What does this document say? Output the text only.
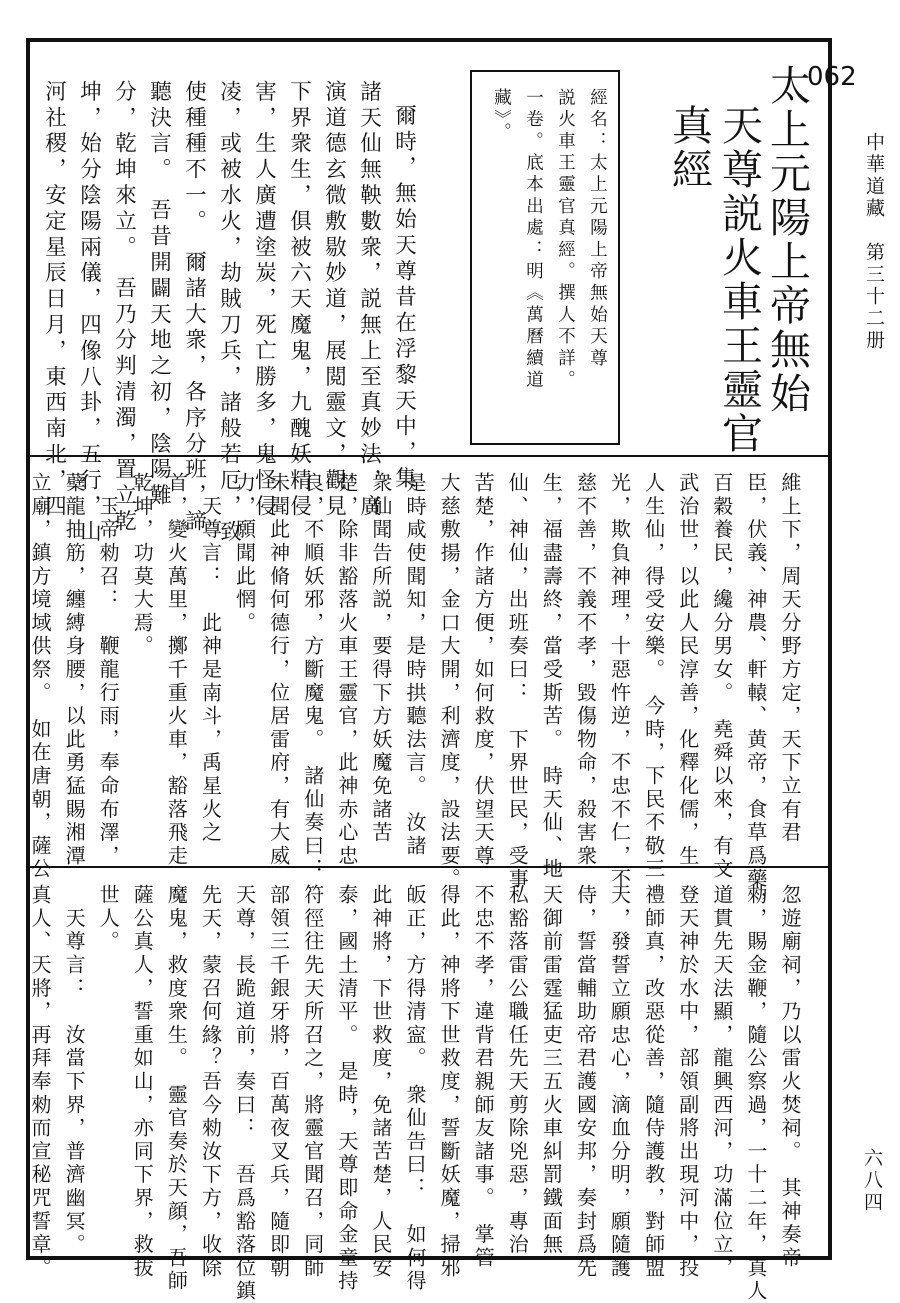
中華道藏　第三十二册
六八四
062
太上元陽上帝無始
天尊説火車王靈官
真經
經名：太上元陽上帝無始天尊
説火車王靈官真經。撰人不詳。
一卷。底本出處：明《萬曆續道
藏》。
爾時，無始天尊昔在浮黎天中，集
諸天仙無鞅數衆，説無上至真妙法，廣
演道德玄微敷敭妙道，展閲靈文，觀見
下界衆生，俱被六天魔鬼，九醜妖精侵
害，生人廣遭塗炭，死亡勝多，鬼怪侵
凌，或被水火，劫賊刀兵，諸般若厄，致
使種種不一。　爾諸大衆，各序分班，諦
聽決言。　吾昔開闢天地之初，陰陽難
分，乾坤來立。　吾乃分判清濁，置立乾
坤，始分陰陽兩儀，四像八卦，五行，山
河社稷，安定星辰日月，東西南北，四
維上下，周天分野方定，天下立有君
臣，伏義、神農、軒轅、黄帝，食草爲藥，
百穀養民，纔分男女。　堯舜以來，有文
武治世，以此人民淳善，化釋化儒，生
人生仙，得受安樂。　今時，下民不敬三
光，欺負神理，十惡忤逆，不忠不仁，不
慈不善，不義不孝，毀傷物命，殺害衆
生，福盡壽終，當受斯苦。　時天仙、地
仙、神仙，出班奏曰：　下界世民，受事
苦楚，作諸方便，如何救度，伏望天尊
大慈敷揚，金口大開，利濟度，設法要。
是時咸使聞知，是時拱聽法言。　汝諸
衆仙聞告所説，要得下方妖魔免諸苦
楚，除非豁落火車王靈官，此神赤心忠
良，不順妖邪，方斷魔鬼。　諸仙奏曰：
未聞此神脩何德行，位居雷府，有大威
力，願聞此惘。
　天尊言：　此神是南斗，禹星火之
首，變火萬里，擲千重火車，豁落飛走
乾坤，功莫大焉。
　玉帝勑召：　鞭龍行雨，奉命布澤，
蘗龍抽筋，纏縛身腰，以此勇猛賜湘潭
立廟，鎮方境域供祭。　如在唐朝，薩公
忽遊廟祠，乃以雷火焚祠。　其神奏帝
勑，賜金鞭，隨公察過，一十二年，真人
道貫先天法顯，龍興西河，功滿位立，
登天神於水中，部領副將出現河中，投
禮師真，改惡從善，隨侍護教，對師盟
天，發誓立願忠心，滴血分明，願隨護
侍，誓當輔助帝君護國安邦，奏封爲先
天御前雷霆猛吏三五火車糾罰鐵面無
私豁落雷公職任先天剪除兇惡，專治
不忠不孝，違背君親師友諸事。　掌管
得此，神將下世救度，誓斷妖魔，掃邪
皈正，方得清寍。　衆仙告曰：　如何得
此神將，下世救度，免諸苦楚，人民安
泰，國土清平。　是時，天尊即命金童持
符徑往先天所召之，將靈官聞召，同師
部領三千銀牙將，百萬夜叉兵，隨即朝
天尊，長跪道前，奏曰：　吾爲豁落位鎮
先天，蒙召何緣？吾今勑汝下方，收除
魔鬼，救度衆生。　靈官奏於天顔，吾師
薩公真人，誓重如山，亦同下界，救拔
世人。
　天尊言：　汝當下界，普濟幽冥。
真人、天將，再拜奉勑而宣秘咒誓章。
